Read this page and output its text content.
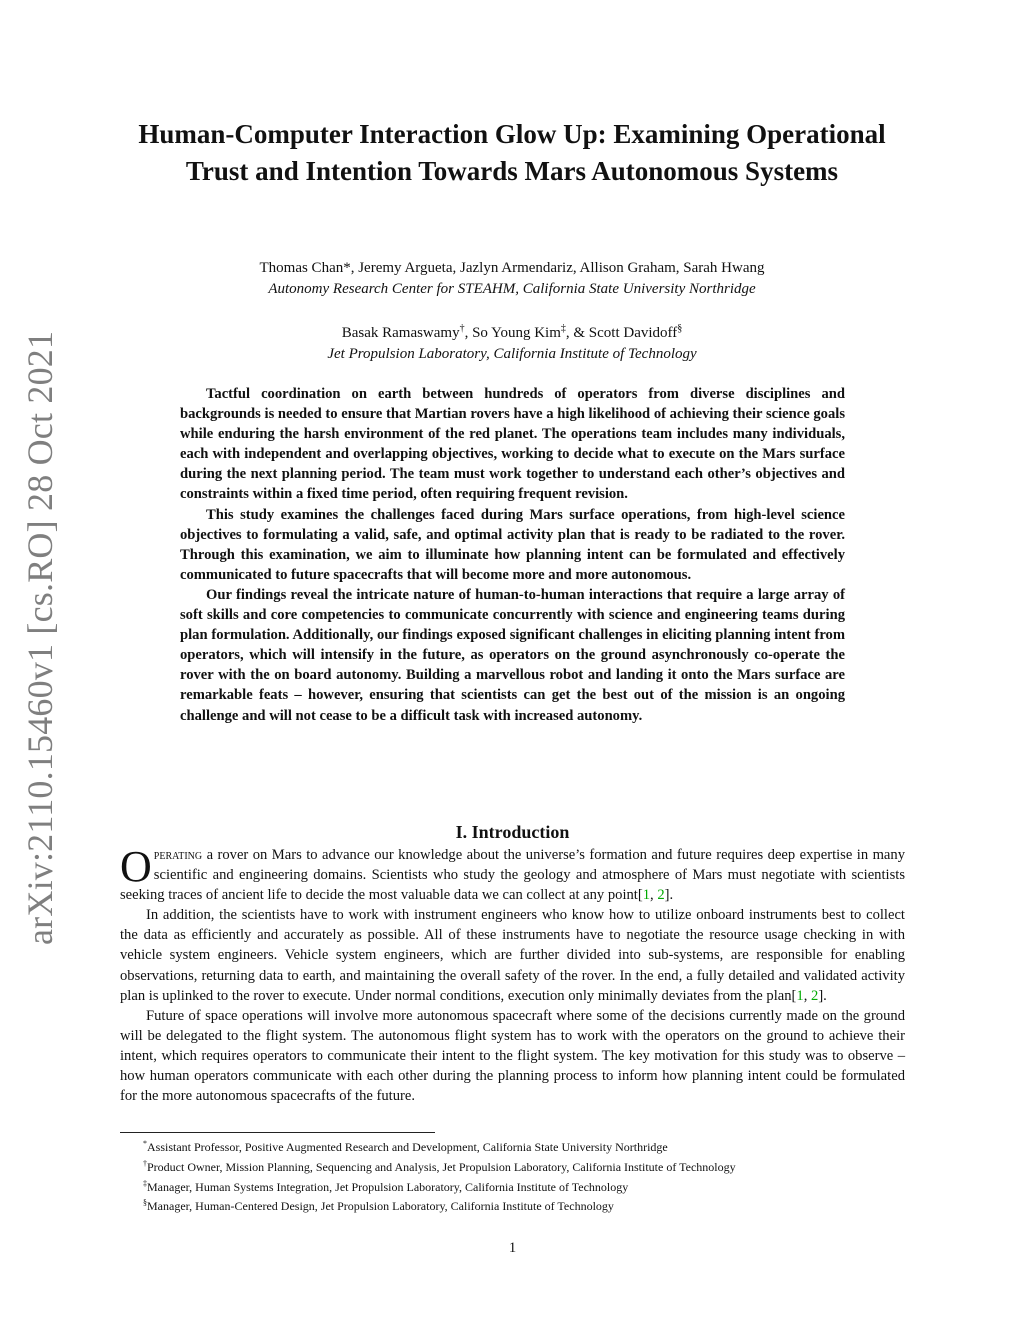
arXiv:2110.15460v1 [cs.RO] 28 Oct 2021
Human-Computer Interaction Glow Up: Examining Operational Trust and Intention Towards Mars Autonomous Systems
Thomas Chan*, Jeremy Argueta, Jazlyn Armendariz, Allison Graham, Sarah Hwang
Autonomy Research Center for STEAHM, California State University Northridge
Basak Ramaswamy†, So Young Kim‡, & Scott Davidoff§
Jet Propulsion Laboratory, California Institute of Technology

Tactful coordination on earth between hundreds of operators from diverse disciplines and backgrounds is needed to ensure that Martian rovers have a high likelihood of achieving their science goals while enduring the harsh environment of the red planet. The operations team includes many individuals, each with independent and overlapping objectives, working to decide what to execute on the Mars surface during the next planning period. The team must work together to understand each other’s objectives and constraints within a fixed time period, often requiring frequent revision.

This study examines the challenges faced during Mars surface operations, from high-level science objectives to formulating a valid, safe, and optimal activity plan that is ready to be radiated to the rover. Through this examination, we aim to illuminate how planning intent can be formulated and effectively communicated to future spacecrafts that will become more and more autonomous.

Our findings reveal the intricate nature of human-to-human interactions that require a large array of soft skills and core competencies to communicate concurrently with science and engineering teams during plan formulation. Additionally, our findings exposed significant challenges in eliciting planning intent from operators, which will intensify in the future, as operators on the ground asynchronously co-operate the rover with the on board autonomy. Building a marvellous robot and landing it onto the Mars surface are remarkable feats – however, ensuring that scientists can get the best out of the mission is an ongoing challenge and will not cease to be a difficult task with increased autonomy.

I. Introduction

Operating a rover on Mars to advance our knowledge about the universe’s formation and future requires deep expertise in many scientific and engineering domains. Scientists who study the geology and atmosphere of Mars must negotiate with scientists seeking traces of ancient life to decide the most valuable data we can collect at any point[1, 2].

In addition, the scientists have to work with instrument engineers who know how to utilize onboard instruments best to collect the data as efficiently and accurately as possible. All of these instruments have to negotiate the resource usage checking in with vehicle system engineers. Vehicle system engineers, which are further divided into sub-systems, are responsible for enabling observations, returning data to earth, and maintaining the overall safety of the rover. In the end, a fully detailed and validated activity plan is uplinked to the rover to execute. Under normal conditions, execution only minimally deviates from the plan[1, 2].

Future of space operations will involve more autonomous spacecraft where some of the decisions currently made on the ground will be delegated to the flight system. The autonomous flight system has to work with the operators on the ground to achieve their intent, which requires operators to communicate their intent to the flight system. The key motivation for this study was to observe – how human operators communicate with each other during the planning process to inform how planning intent could be formulated for the more autonomous spacecrafts of the future.

*Assistant Professor, Positive Augmented Research and Development, California State University Northridge
†Product Owner, Mission Planning, Sequencing and Analysis, Jet Propulsion Laboratory, California Institute of Technology
‡Manager, Human Systems Integration, Jet Propulsion Laboratory, California Institute of Technology
§Manager, Human-Centered Design, Jet Propulsion Laboratory, California Institute of Technology
1
